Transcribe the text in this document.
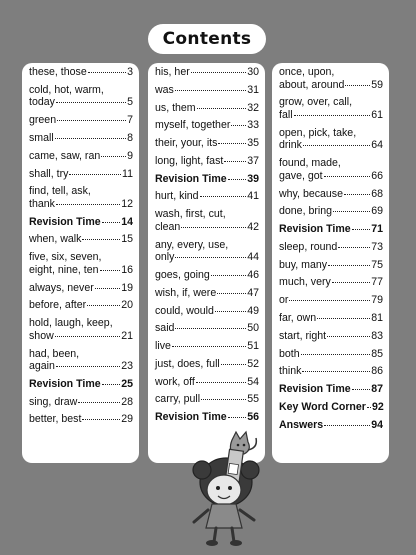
Contents
these, those	3
cold, hot, warm,
today	5
green	7
small	8
came, saw, ran	9
shall, try	11
find, tell, ask,
thank	12
Revision Time 14
when, walk	15
five, six, seven,
eight, nine, ten 16
always, never	19
before, after	20
hold, laugh, keep,
show	21
had, been,
again	23
Revision Time 25
sing, draw	28
better, best	29
his, her	30
was	31
us, them	32
myself, together 33
their, your, its	35
long, light, fast 37
Revision Time 39
hurt, kind	41
wash, first, cut,
clean	42
any, every, use,
only	44
goes, going	46
wish, if, were	47
could, would	49
said	50
live	51
just, does, full	52
work, off	54
carry, pull	55
Revision Time 56
once, upon,
about, around	59
grow, over, call,
fall	61
open, pick, take,
drink	64
found, made,
gave, got	66
why, because	68
done, bring	69
Revision Time 71
sleep, round	73
buy, many	75
much, very	77
or	79
far, own	81
start, right	83
both	85
think	86
Revision Time 87
Key Word Corner 92
Answers	94
